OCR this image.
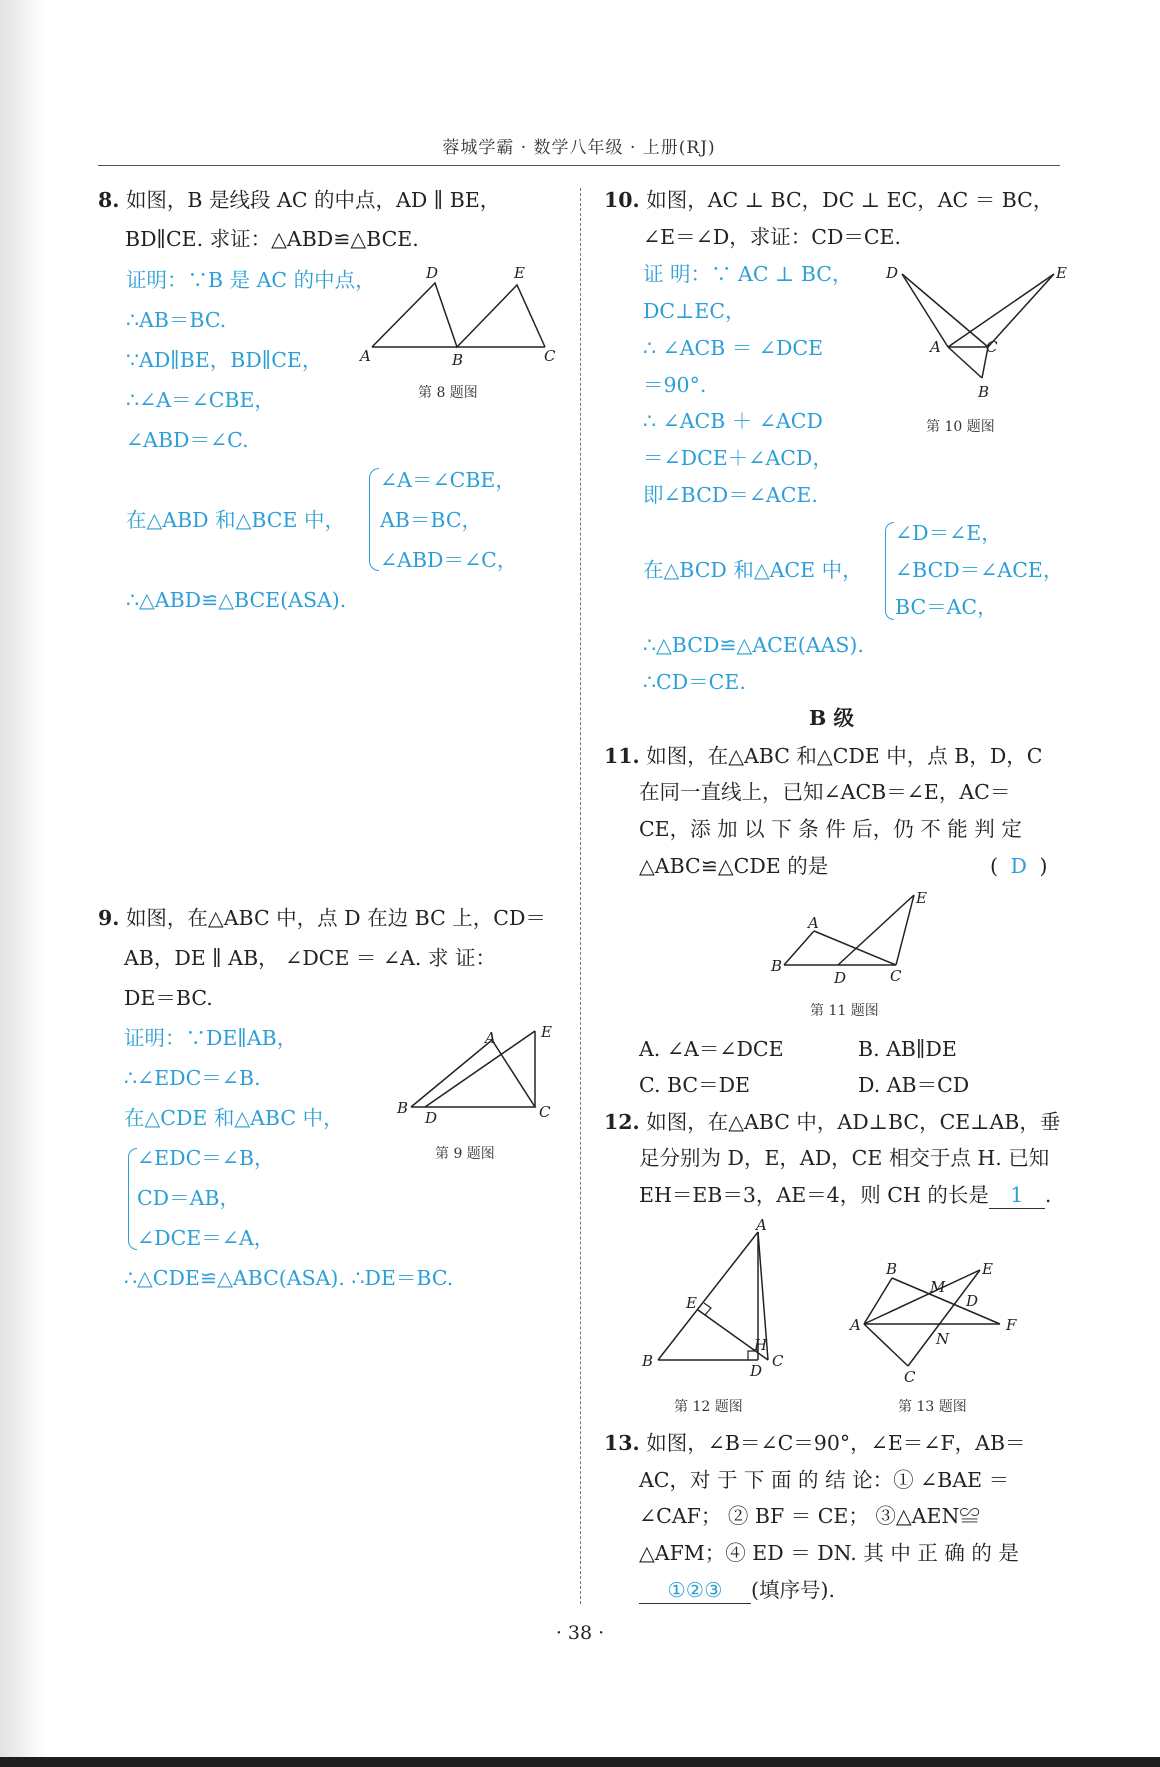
蓉城学霸 · 数学八年级 · 上册(RJ)
8. 如图，B 是线段 AC 的中点，AD ∥ BE，
BD∥CE. 求证：△ABD≌△BCE.
证明：∵B 是 AC 的中点，
∴AB＝BC.
∵AD∥BE，BD∥CE，
∴∠A＝∠CBE，
∠ABD＝∠C.
在△ABD 和△BCE 中，
∠A＝∠CBE，
AB＝BC，
∠ABD＝∠C，
∴△ABD≌△BCE(ASA).
A	B	C
D	E
第 8 题图
9. 如图，在△ABC 中，点 D 在边 BC 上，CD＝
AB，DE ∥ AB， ∠DCE ＝ ∠A. 求 证：
DE＝BC.
证明：∵DE∥AB，
∴∠EDC＝∠B.
在△CDE 和△ABC 中，
∠EDC＝∠B，
CD＝AB，
∠DCE＝∠A，
∴△CDE≌△ABC(ASA). ∴DE＝BC.
B
D	C
A	E
第 9 题图
10. 如图，AC ⊥ BC，DC ⊥ EC，AC ＝ BC，
∠E＝∠D，求证：CD＝CE.
证 明：∵ AC ⊥ BC，
DC⊥EC，
∴ ∠ACB ＝ ∠DCE
＝90°.
∴ ∠ACB ＋ ∠ACD
＝∠DCE＋∠ACD，
即∠BCD＝∠ACE.
在△BCD 和△ACE 中，
∠D＝∠E，
∠BCD＝∠ACE，
BC＝AC，
∴△BCD≌△ACE(AAS).
∴CD＝CE.
D	E
A	C
B
第 10 题图
B 级
11. 如图，在△ABC 和△CDE 中，点 B，D，C
在同一直线上，已知∠ACB＝∠E，AC＝
CE，添 加 以 下 条 件 后，仍 不 能 判 定
△ABC≌△CDE 的是	( D )
B
D	C
A
E
第 11 题图
A. ∠A＝∠DCE	B. AB∥DE
C. BC＝DE	D. AB＝CD
12. 如图，在△ABC 中，AD⊥BC，CE⊥AB，垂
足分别为 D，E，AD，CE 相交于点 H. 已知
EH＝EB＝3，AE＝4，则 CH 的长是 1 .
A
E
B
D
C
H
第 12 题图
B
M
E
D
A	F
N
C
第 13 题图
13. 如图，∠B＝∠C＝90°，∠E＝∠F，AB＝
AC，对 于 下 面 的 结 论：① ∠BAE ＝
∠CAF； ② BF ＝ CE； ③△AEN≌
△AFM；④ ED ＝ DN. 其 中 正 确 的 是
①②③ (填序号).
· 38 ·
